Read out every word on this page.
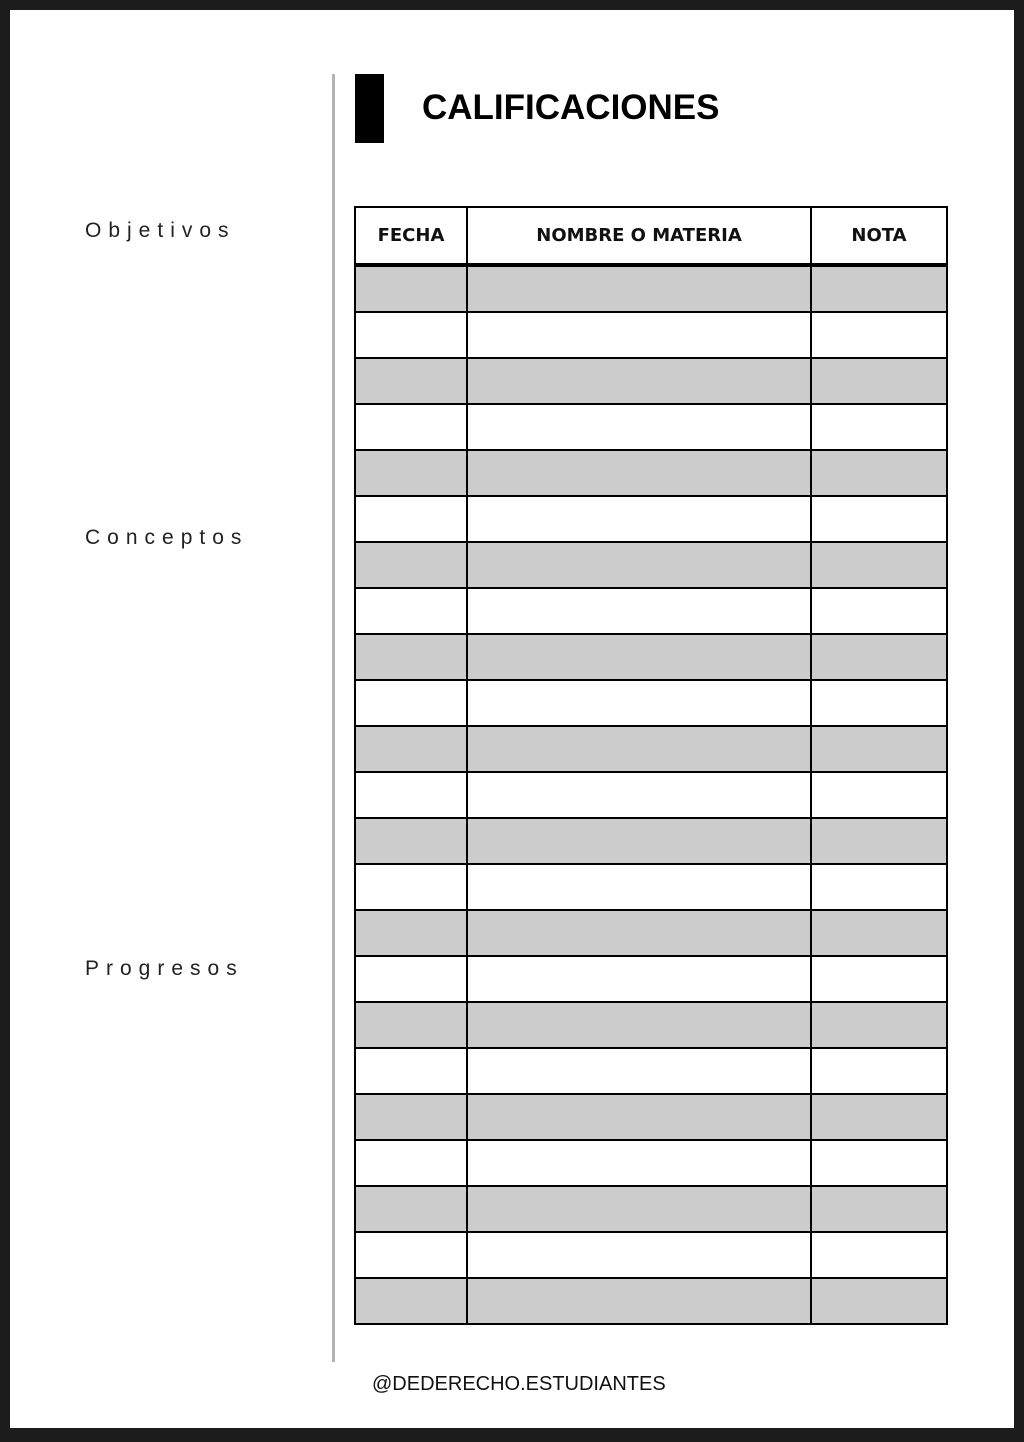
Objetivos
Conceptos
Progresos
CALIFICACIONES
FECHA	NOMBRE O MATERIA	NOTA

@DEDERECHO.ESTUDIANTES
